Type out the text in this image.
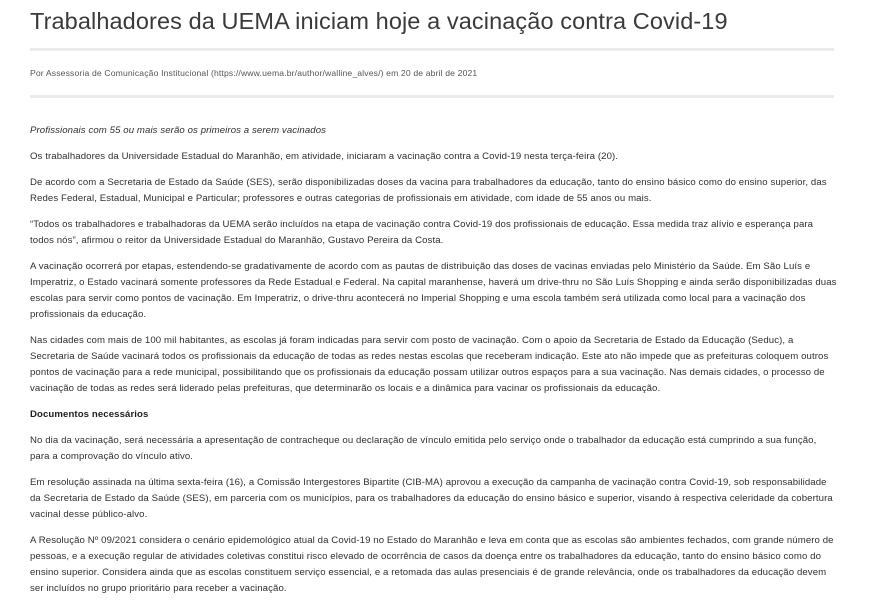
Trabalhadores da UEMA iniciam hoje a vacinação contra Covid-19
Por Assessoria de Comunicação Institucional (https://www.uema.br/author/walline_alves/) em 20 de abril de 2021

Profissionais com 55 ou mais serão os primeiros a serem vacinados

Os trabalhadores da Universidade Estadual do Maranhão, em atividade, iniciaram a vacinação contra a Covid-19 nesta terça-feira (20).

De acordo com a Secretaria de Estado da Saúde (SES), serão disponibilizadas doses da vacina para trabalhadores da educação, tanto do ensino básico como do ensino superior, das Redes Federal, Estadual, Municipal e Particular; professores e outras categorias de profissionais em atividade, com idade de 55 anos ou mais.

“Todos os trabalhadores e trabalhadoras da UEMA serão incluídos na etapa de vacinação contra Covid-19 dos profissionais de educação. Essa medida traz alívio e esperança para todos nós”, afirmou o reitor da Universidade Estadual do Maranhão, Gustavo Pereira da Costa.

A vacinação ocorrerá por etapas, estendendo-se gradativamente de acordo com as pautas de distribuição das doses de vacinas enviadas pelo Ministério da Saúde. Em São Luís e Imperatriz, o Estado vacinará somente professores da Rede Estadual e Federal. Na capital maranhense, haverá um drive-thru no São Luís Shopping e ainda serão disponibilizadas duas escolas para servir como pontos de vacinação. Em Imperatriz, o drive-thru acontecerá no Imperial Shopping e uma escola também será utilizada como local para a vacinação dos profissionais da educação.

Nas cidades com mais de 100 mil habitantes, as escolas já foram indicadas para servir com posto de vacinação. Com o apoio da Secretaria de Estado da Educação (Seduc), a Secretaria de Saúde vacinará todos os profissionais da educação de todas as redes nestas escolas que receberam indicação. Este ato não impede que as prefeituras coloquem outros pontos de vacinação para a rede municipal, possibilitando que os profissionais da educação possam utilizar outros espaços para a sua vacinação. Nas demais cidades, o processo de vacinação de todas as redes será liderado pelas prefeituras, que determinarão os locais e a dinâmica para vacinar os profissionais da educação.

Documentos necessários

No dia da vacinação, será necessária a apresentação de contracheque ou declaração de vínculo emitida pelo serviço onde o trabalhador da educação está cumprindo a sua função, para a comprovação do vínculo ativo.

Em resolução assinada na última sexta-feira (16), a Comissão Intergestores Bipartite (CIB-MA) aprovou a execução da campanha de vacinação contra Covid-19, sob responsabilidade da Secretaria de Estado da Saúde (SES), em parceria com os municípios, para os trabalhadores da educação do ensino básico e superior, visando à respectiva celeridade da cobertura vacinal desse público-alvo.

A Resolução Nº 09/2021 considera o cenário epidemológico atual da Covid-19 no Estado do Maranhão e leva em conta que as escolas são ambientes fechados, com grande número de pessoas, e a execução regular de atividades coletivas constitui risco elevado de ocorrência de casos da doença entre os trabalhadores da educação, tanto do ensino básico como do ensino superior. Considera ainda que as escolas constituem serviço essencial, e a retomada das aulas presenciais é de grande relevância, onde os trabalhadores da educação devem ser incluídos no grupo prioritário para receber a vacinação.
